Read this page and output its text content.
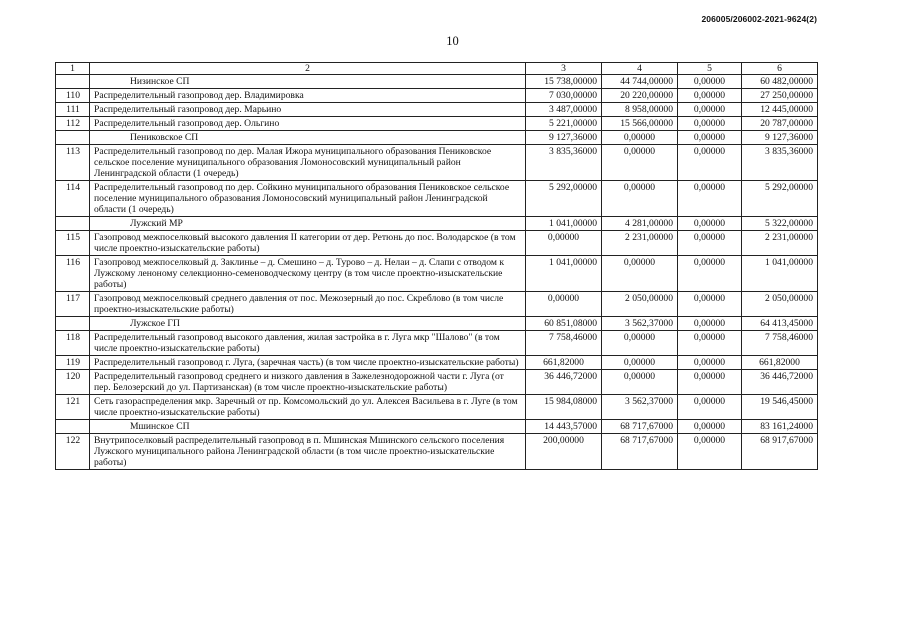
206005/206002-2021-9624(2)
10
1	2	3	4	5	6
	Низинское СП	15 738,00000	44 744,00000	0,00000	60 482,00000
110	Распределительный газопровод дер. Владимировка	7 030,00000	20 220,00000	0,00000	27 250,00000
111	Распределительный газопровод дер. Марьино	3 487,00000	8 958,00000	0,00000	12 445,00000
112	Распределительный газопровод дер. Ольгино	5 221,00000	15 566,00000	0,00000	20 787,00000
	Пениковское СП	9 127,36000	0,00000	0,00000	9 127,36000
113	Распределительный газопровод по дер. Малая Ижора муниципального образования Пениковское сельское поселение муниципального образования Ломоносовский муниципальный район Ленинградской области (1 очередь)	3 835,36000	0,00000	0,00000	3 835,36000
114	Распределительный газопровод по дер. Сойкино муниципального образования Пениковское сельское поселение муниципального образования Ломоносовский муниципальный район Ленинградской области (1 очередь)	5 292,00000	0,00000	0,00000	5 292,00000
	Лужский МР	1 041,00000	4 281,00000	0,00000	5 322,00000
115	Газопровод межпоселковый высокого давления II категории от дер. Ретюнь до пос. Володарское (в том числе проектно-изыскательские работы)	0,00000	2 231,00000	0,00000	2 231,00000
116	Газопровод межпоселковый д. Заклинье – д. Смешино – д. Турово – д. Нелаи – д. Слапи с отводом к Лужскому леноному селекционно-семеноводческому центру (в том числе проектно-изыскательские работы)	1 041,00000	0,00000	0,00000	1 041,00000
117	Газопровод межпоселковый среднего давления от пос. Межозерный до пос. Скреблово (в том числе проектно-изыскательские работы)	0,00000	2 050,00000	0,00000	2 050,00000
	Лужское ГП	60 851,08000	3 562,37000	0,00000	64 413,45000
118	Распределительный газопровод высокого давления, жилая застройка в г. Луга мкр "Шалово" (в том числе проектно-изыскательские работы)	7 758,46000	0,00000	0,00000	7 758,46000
119	Распределительный газопровод г. Луга, (заречная часть) (в том числе проектно-изыскательские работы)	661,82000	0,00000	0,00000	661,82000
120	Распределительный газопровод среднего и низкого давления в Зажелезнодорожной части г. Луга (от пер. Белозерский до ул. Партизанская) (в том числе проектно-изыскательские работы)	36 446,72000	0,00000	0,00000	36 446,72000
121	Сеть газораспределения мкр. Заречный от пр. Комсомольский до ул. Алексея Васильева в г. Луге (в том числе проектно-изыскательские работы)	15 984,08000	3 562,37000	0,00000	19 546,45000
	Мшинское СП	14 443,57000	68 717,67000	0,00000	83 161,24000
122	Внутрипоселковый распределительный газопровод в п. Мшинская Мшинского сельского поселения Лужского муниципального района Ленинградской области (в том числе проектно-изыскательские работы)	200,00000	68 717,67000	0,00000	68 917,67000
